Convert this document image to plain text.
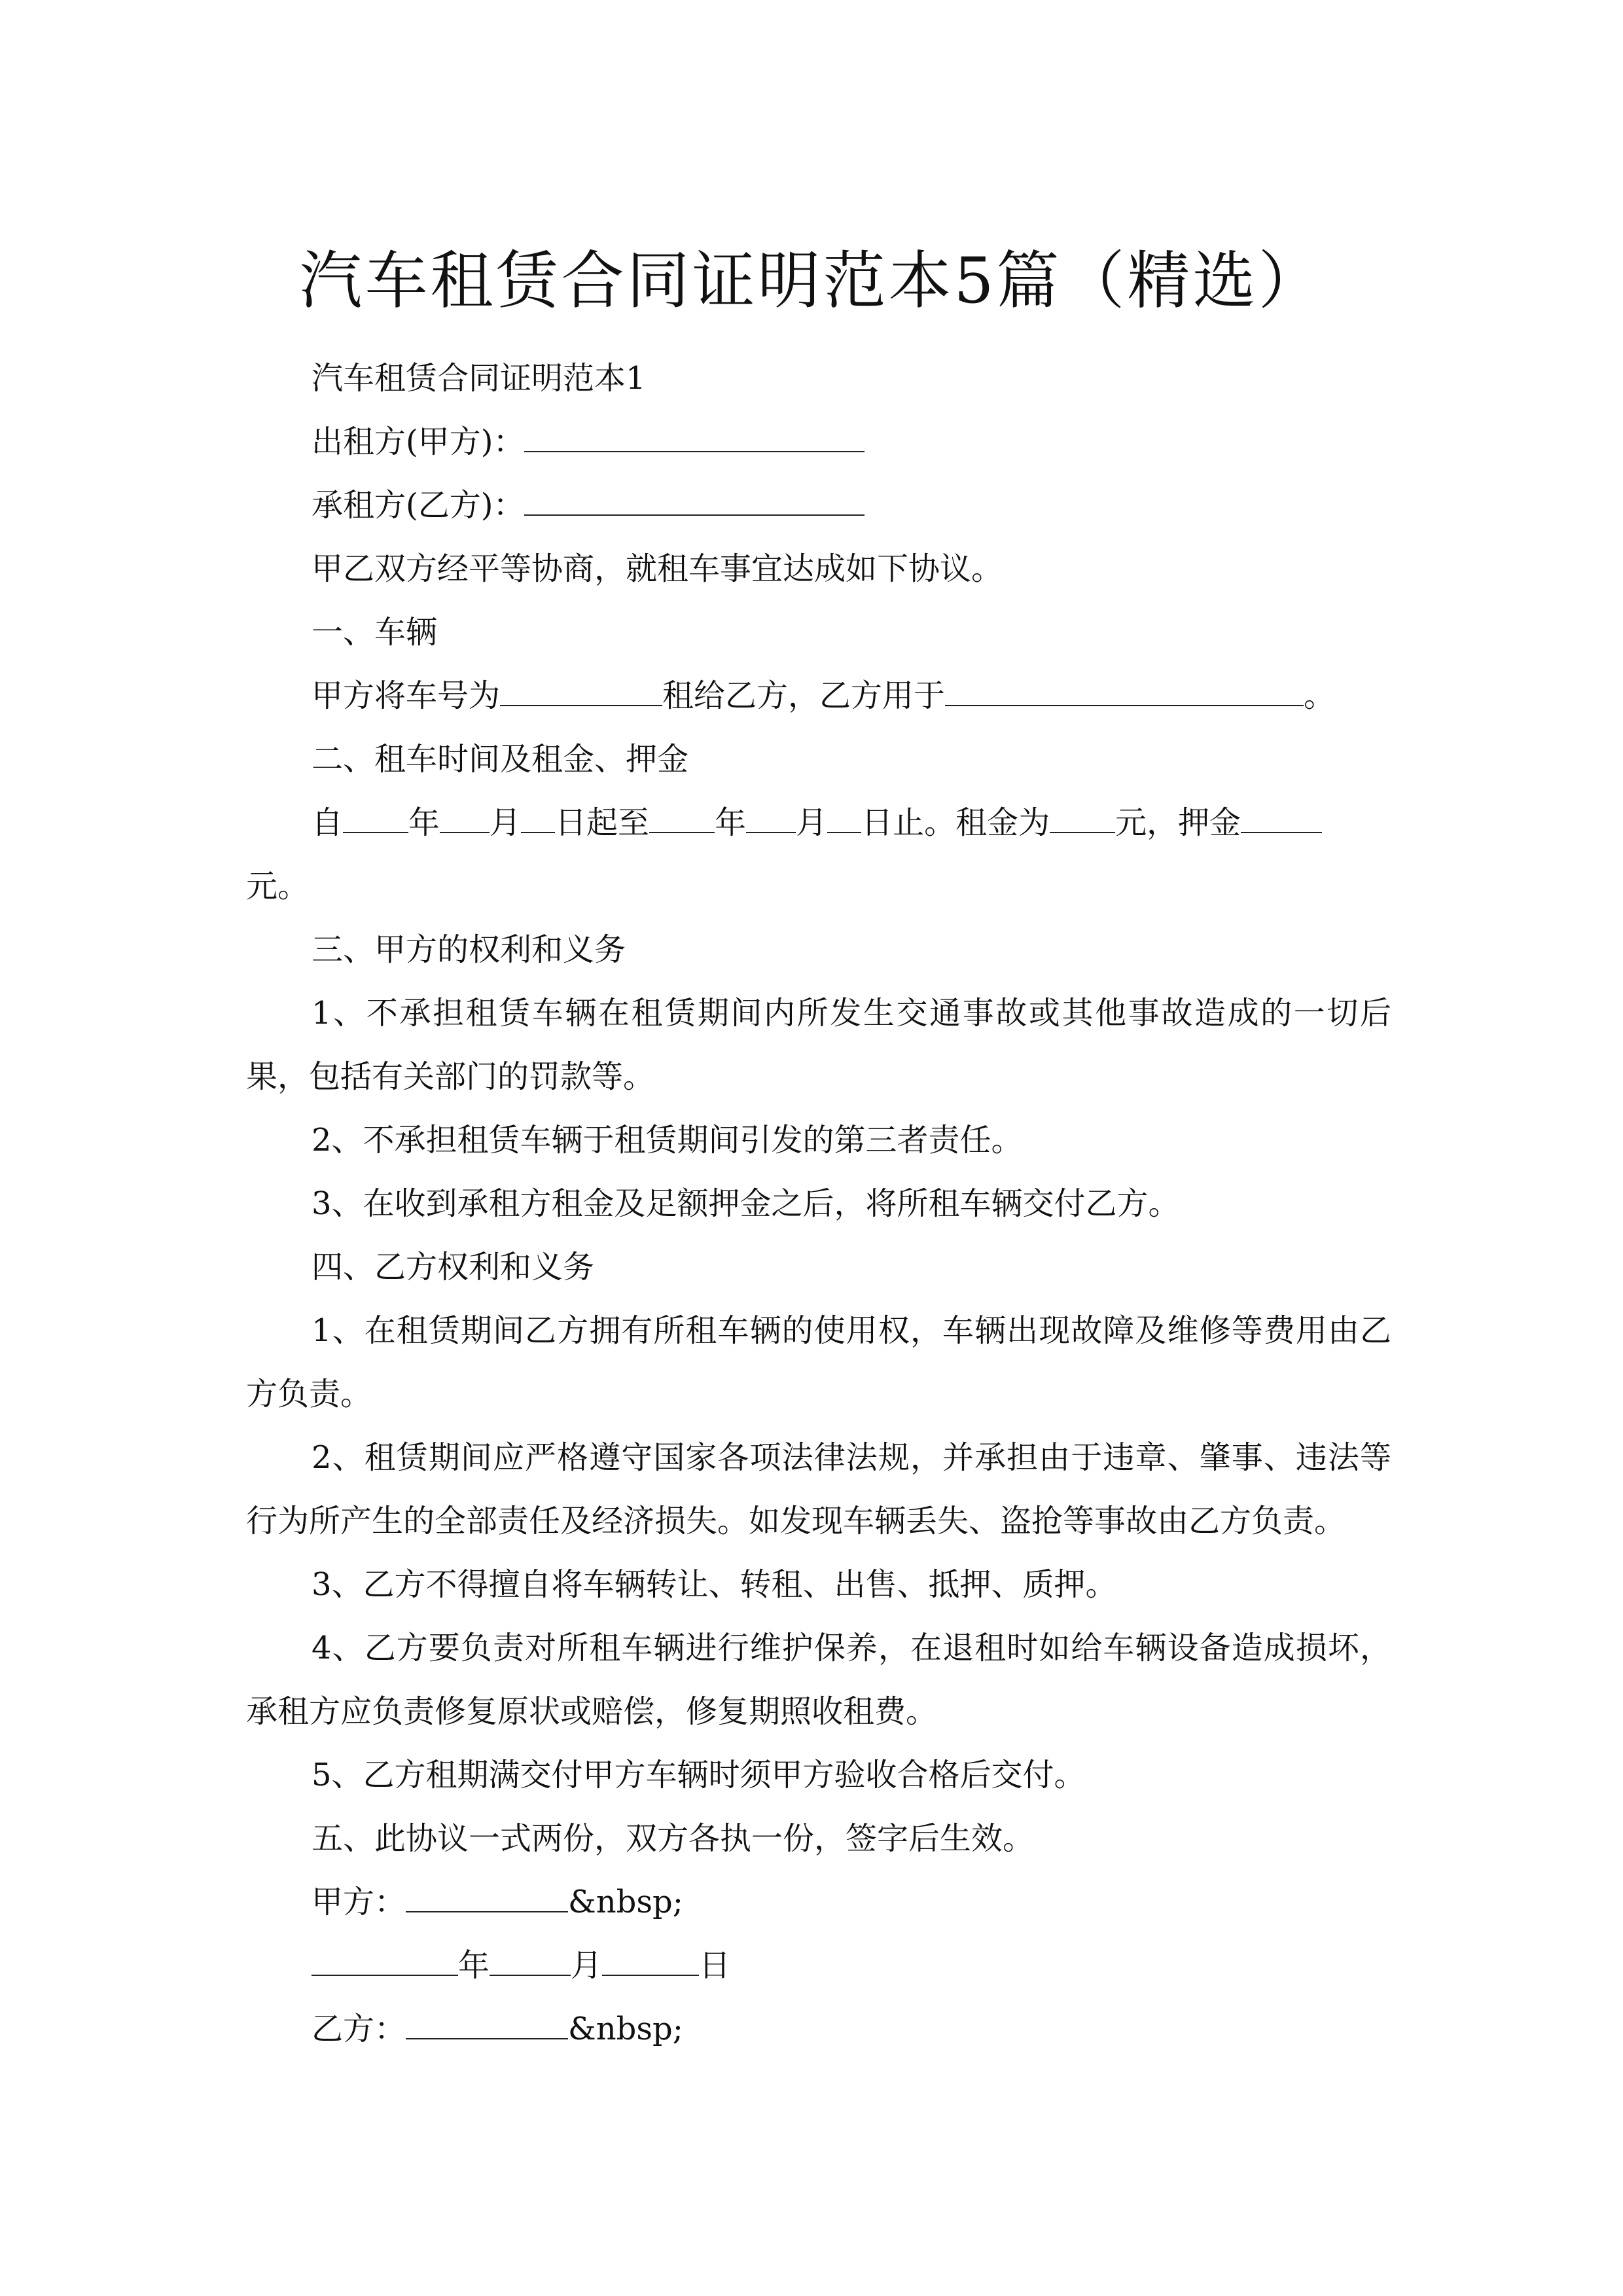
汽车租赁合同证明范本5篇（精选）

汽车租赁合同证明范本1

出租方(甲方)：

承租方(乙方)：

甲乙双方经平等协商，就租车事宜达成如下协议。

一、车辆

甲方将车号为	租给乙方，乙方用于	。

二、租车时间及租金、押金

自 年 月 日起至 年 月 日止。租金为 元，押金

元。

三、甲方的权利和义务

1、不承担租赁车辆在租赁期间内所发生交通事故或其他事故造成的一切后果，包括有关部门的罚款等。

2、不承担租赁车辆于租赁期间引发的第三者责任。

3、在收到承租方租金及足额押金之后，将所租车辆交付乙方。

四、乙方权利和义务

1、在租赁期间乙方拥有所租车辆的使用权，车辆出现故障及维修等费用由乙方负责。

2、租赁期间应严格遵守国家各项法律法规，并承担由于违章、肇事、违法等行为所产生的全部责任及经济损失。如发现车辆丢失、盗抢等事故由乙方负责。

3、乙方不得擅自将车辆转让、转租、出售、抵押、质押。

4、乙方要负责对所租车辆进行维护保养，在退租时如给车辆设备造成损坏，承租方应负责修复原状或赔偿，修复期照收租费。

5、乙方租期满交付甲方车辆时须甲方验收合格后交付。

五、此协议一式两份，双方各执一份，签字后生效。

甲方：	&nbsp;

年	月	日

乙方：	&nbsp;
